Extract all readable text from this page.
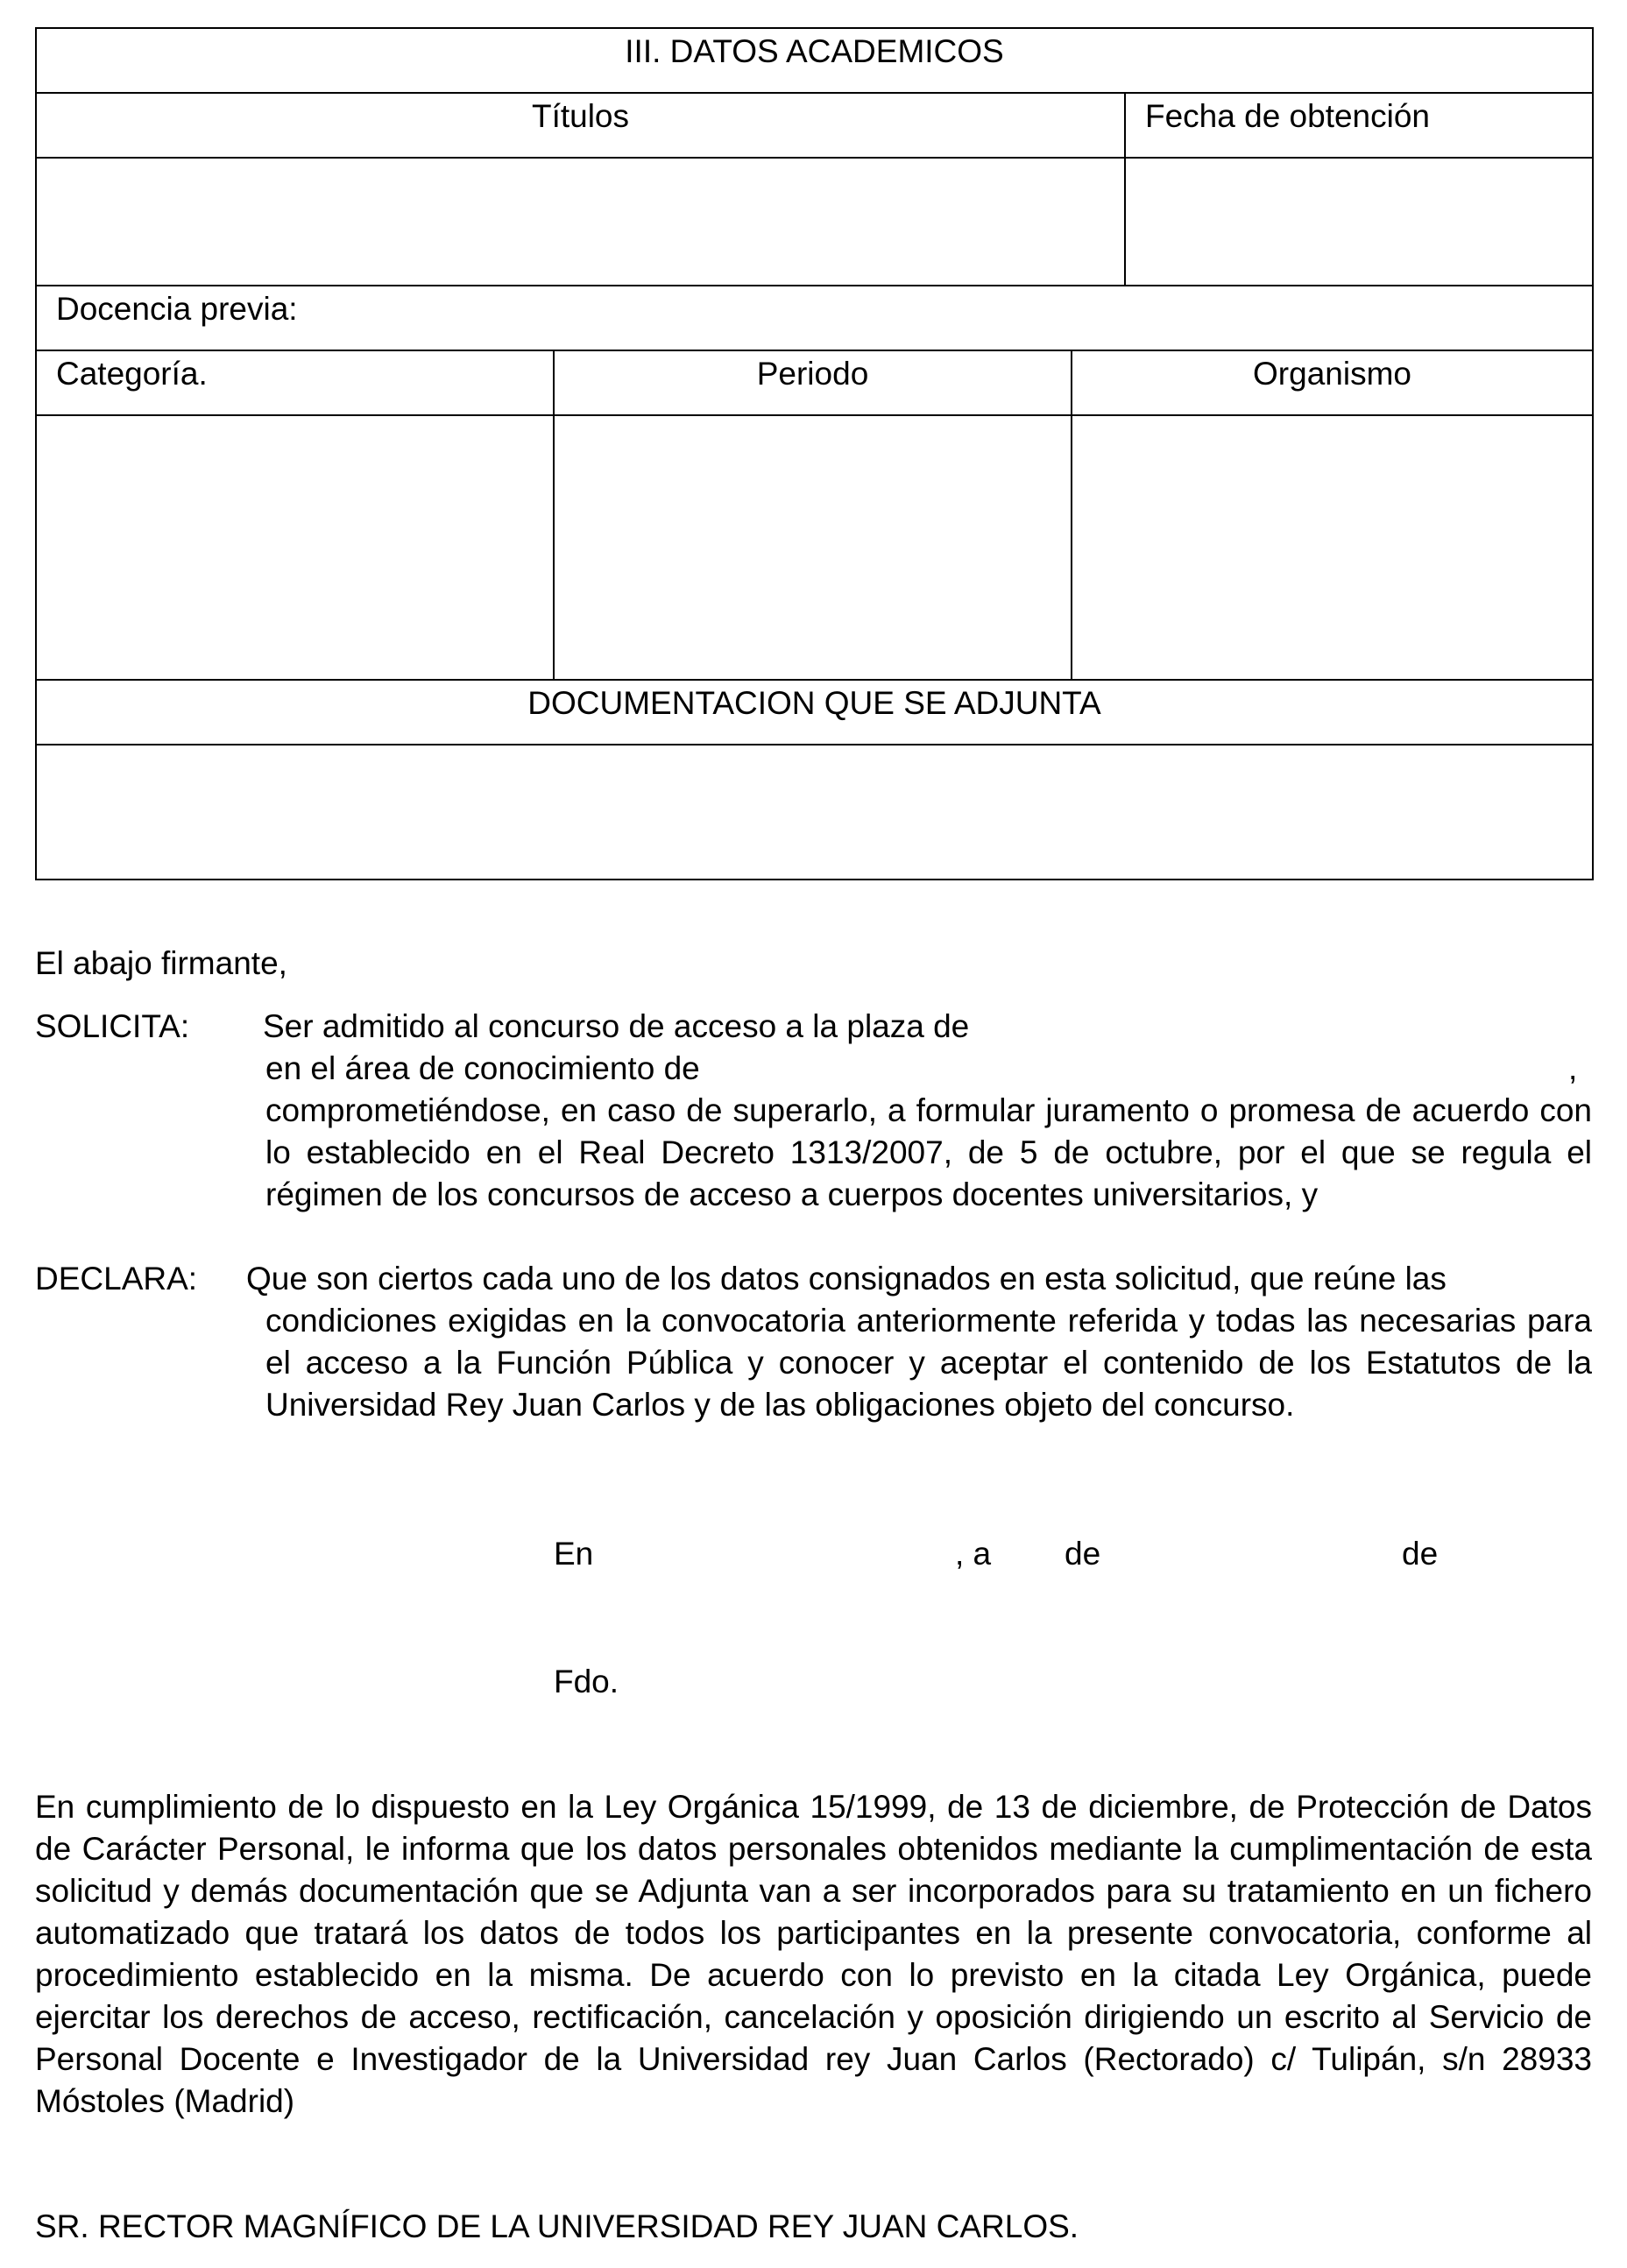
III. DATOS ACADEMICOS			
Títulos			Fecha de obtención

Docencia previa:			
Categoría.	Periodo	Organismo	

DOCUMENTACION QUE SE ADJUNTA			

El abajo firmante,
SOLICITA: Ser admitido al concurso de acceso a la plaza de
en el área de conocimiento de	,
comprometiéndose, en caso de superarlo, a formular juramento o promesa de acuerdo con lo establecido en el Real Decreto 1313/2007, de 5 de octubre, por el que se regula el régimen de los concursos de acceso a cuerpos docentes universitarios, y
DECLARA: Que son ciertos cada uno de los datos consignados en esta solicitud, que reúne las
condiciones exigidas en la convocatoria anteriormente referida y todas las necesarias para el acceso a la Función Pública y conocer y aceptar el contenido de los Estatutos de la Universidad Rey Juan Carlos y de las obligaciones objeto del concurso.
En	, a de	de
Fdo.

En cumplimiento de lo dispuesto en la Ley Orgánica 15/1999, de 13 de diciembre, de Protección de Datos de Carácter Personal, le informa que los datos personales obtenidos mediante la cumplimentación de esta solicitud y demás documentación que se Adjunta van a ser incorporados para su tratamiento en un fichero automatizado que tratará los datos de todos los participantes en la presente convocatoria, conforme al procedimiento establecido en la misma. De acuerdo con lo previsto en la citada Ley Orgánica, puede ejercitar los derechos de acceso, rectificación, cancelación y oposición dirigiendo un escrito al Servicio de Personal Docente e Investigador de la Universidad rey Juan Carlos (Rectorado) c/ Tulipán, s/n 28933 Móstoles (Madrid)

SR. RECTOR MAGNÍFICO DE LA UNIVERSIDAD REY JUAN CARLOS.
